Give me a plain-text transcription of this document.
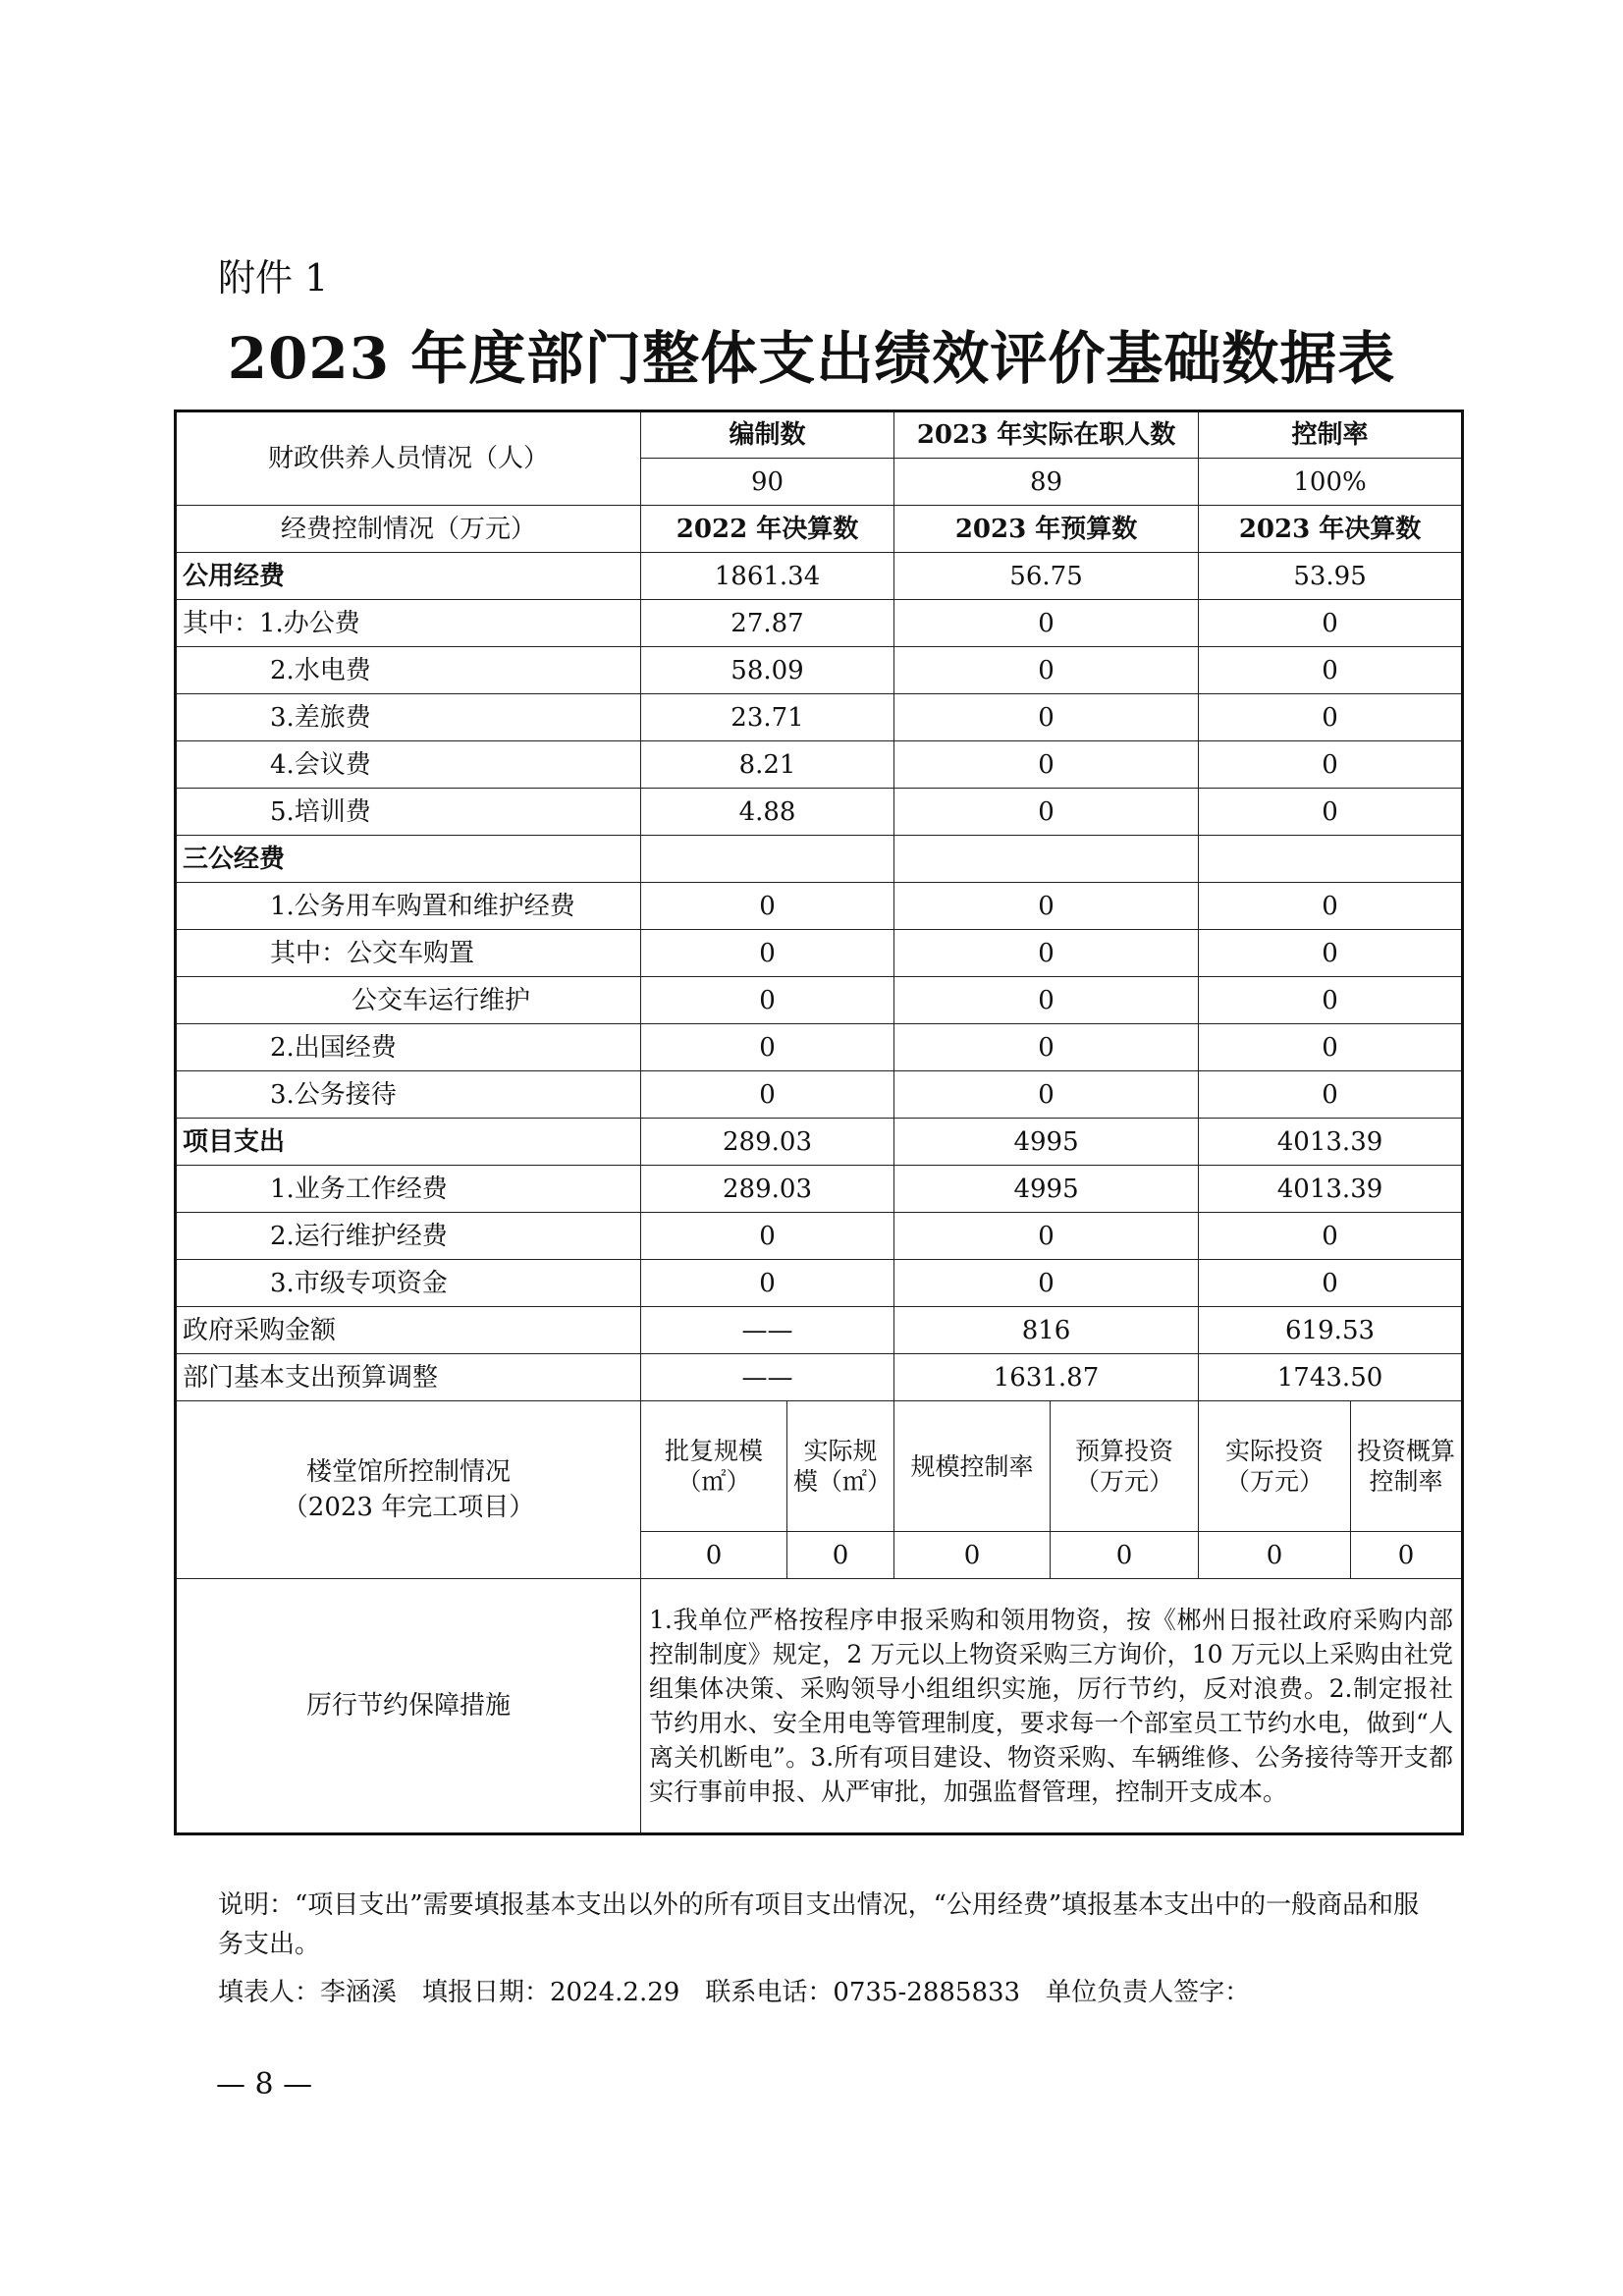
附件 1
2023 年度部门整体支出绩效评价基础数据表
财政供养人员情况（人）	编制数		2023 年实际在职人数		控制率	
	90		89		100%	
经费控制情况（万元）	2022 年决算数		2023 年预算数		2023 年决算数	
公用经费	1861.34		56.75		53.95	
其中：1.办公费	27.87		0		0	
2.水电费	58.09		0		0	
3.差旅费	23.71		0		0	
4.会议费	8.21		0		0	
5.培训费	4.88		0		0	
三公经费						
1.公务用车购置和维护经费	0		0		0	
其中：公交车购置	0		0		0	
公交车运行维护	0		0		0	
2.出国经费	0		0		0	
3.公务接待	0		0		0	
项目支出	289.03		4995		4013.39	
1.业务工作经费	289.03		4995		4013.39	
2.运行维护经费	0		0		0	
3.市级专项资金	0		0		0	
政府采购金额	——		816		619.53	
部门基本支出预算调整	——		1631.87		1743.50	

楼堂馆所控制情况
（2023 年完工项目）	批复规模（㎡）	实际规模（㎡）	规模控制率	预算投资（万元）	实际投资（万元）	投资概算控制率
	0	0	0	0	0	0
厉行节约保障措施	1.我单位严格按程序申报采购和领用物资，按《郴州日报社政府采购内部控制制度》规定，2 万元以上物资采购三方询价，10 万元以上采购由社党组集体决策、采购领导小组组织实施，厉行节约，反对浪费。2.制定报社节约用水、安全用电等管理制度，要求每一个部室员工节约水电，做到“人离关机断电”。3.所有项目建设、物资采购、车辆维修、公务接待等开支都实行事前申报、从严审批，加强监督管理，控制开支成本。					
说明：“项目支出”需要填报基本支出以外的所有项目支出情况，“公用经费”填报基本支出中的一般商品和服务支出。
填表人：李涵溪　填报日期：2024.2.29　联系电话：0735-2885833　单位负责人签字：
— 8 —
